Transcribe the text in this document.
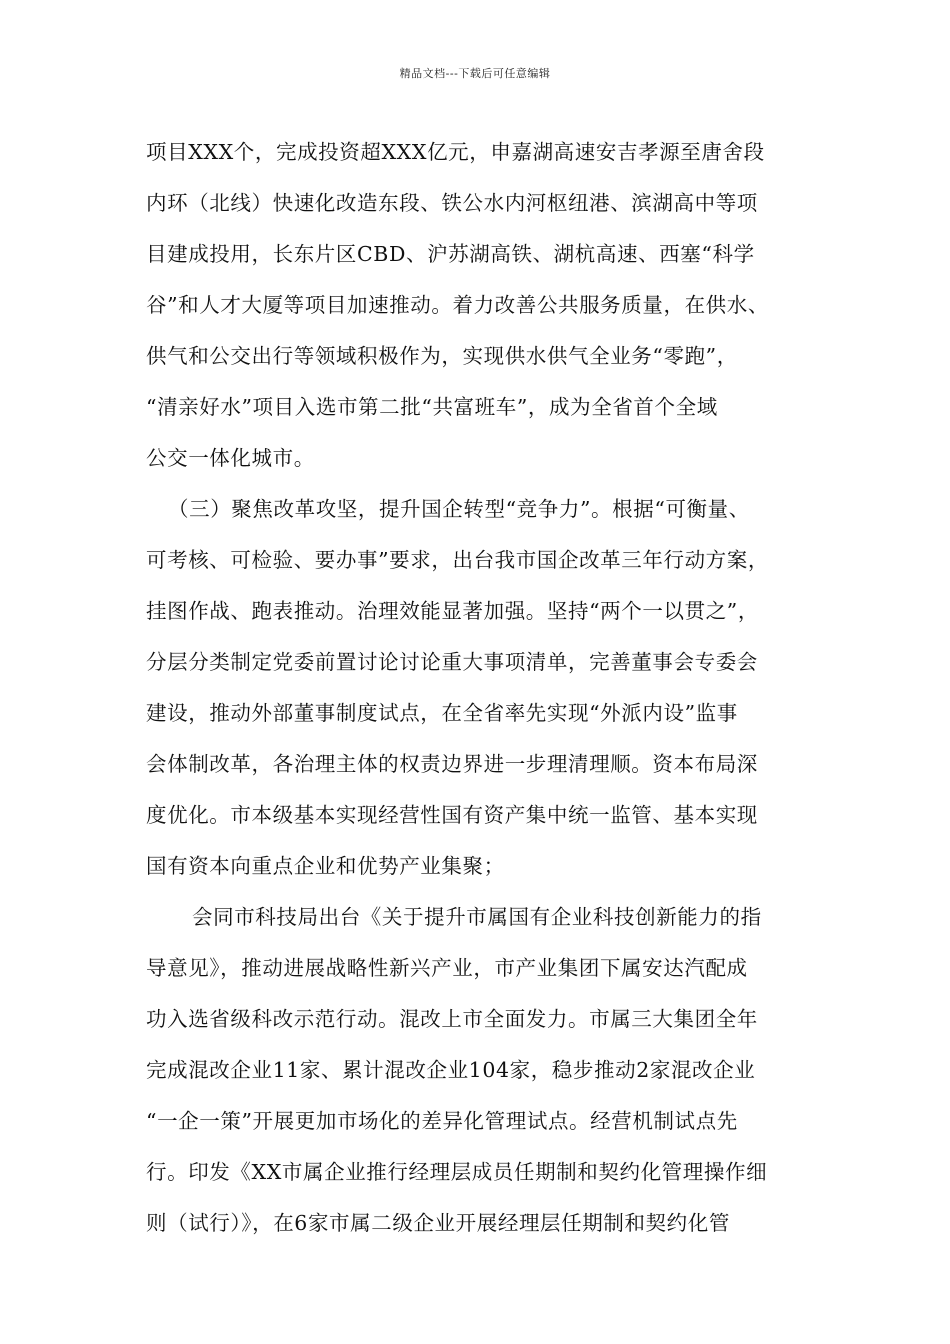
精品文档---下载后可任意编辑
项目XXX个，完成投资超XXX亿元，申嘉湖高速安吉孝源至唐舍段
内环（北线）快速化改造东段、铁公水内河枢纽港、滨湖高中等项
目建成投用，长东片区CBD、沪苏湖高铁、湖杭高速、西塞“科学
谷”和人才大厦等项目加速推动。着力改善公共服务质量，在供水、
供气和公交出行等领域积极作为，实现供水供气全业务“零跑”，
“清亲好水”项目入选市第二批“共富班车”，成为全省首个全域
公交一体化城市。
（三）聚焦改革攻坚，提升国企转型“竞争力”。根据“可衡量、
可考核、可检验、要办事”要求，出台我市国企改革三年行动方案，
挂图作战、跑表推动。治理效能显著加强。坚持“两个一以贯之”，
分层分类制定党委前置讨论讨论重大事项清单，完善董事会专委会
建设，推动外部董事制度试点，在全省率先实现“外派内设”监事
会体制改革，各治理主体的权责边界进一步理清理顺。资本布局深
度优化。市本级基本实现经营性国有资产集中统一监管、基本实现
国有资本向重点企业和优势产业集聚；
会同市科技局出台《关于提升市属国有企业科技创新能力的指
导意见》，推动进展战略性新兴产业，市产业集团下属安达汽配成
功入选省级科改示范行动。混改上市全面发力。市属三大集团全年
完成混改企业11家、累计混改企业104家，稳步推动2家混改企业
“一企一策”开展更加市场化的差异化管理试点。经营机制试点先
行。印发《XX市属企业推行经理层成员任期制和契约化管理操作细
则（试行）》，在6家市属二级企业开展经理层任期制和契约化管
